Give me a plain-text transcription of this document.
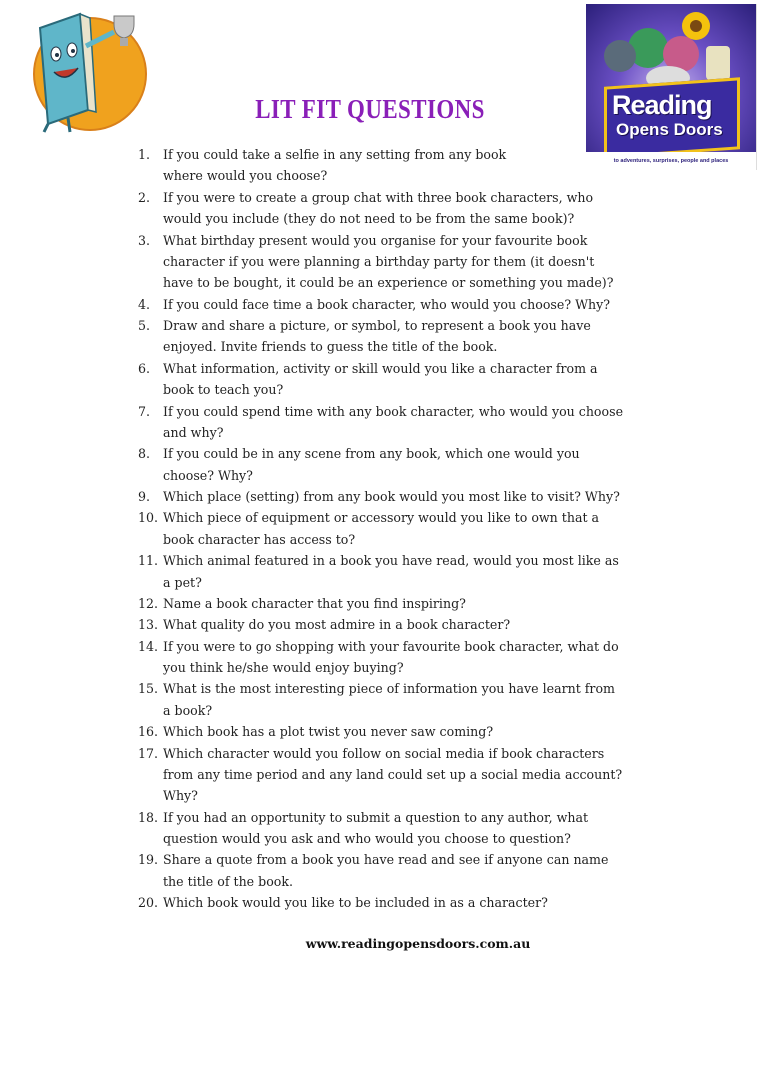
Reading
Opens Doors
to adventures, surprises, people and places
LIT FIT QUESTIONS
1.	If you could take a selfie in any setting from any book
where would you choose?
2.	If you were to create a group chat with three book characters, who
would you include (they do not need to be from the same book)?
3.	What birthday present would you organise for your favourite book
character if you were planning a birthday party for them (it doesn't
have to be bought, it could be an experience or something you made)?
4.	If you could face time a book character, who would you choose? Why?
5.	Draw and share a picture, or symbol, to represent a book you have
enjoyed. Invite friends to guess the title of the book.
6.	What information, activity or skill would you like a character from a
book to teach you?
7.	If you could spend time with any book character, who would you choose
and why?
8.	If you could be in any scene from any book, which one would you
choose? Why?
9.	Which place (setting) from any book would you most like to visit? Why?
10. Which piece of equipment or accessory would you like to own that a
book character has access to?
11. Which animal featured in a book you have read, would you most like as
a pet?
12. Name a book character that you find inspiring?
13. What quality do you most admire in a book character?
14. If you were to go shopping with your favourite book character, what do
you think he/she would enjoy buying?
15. What is the most interesting piece of information you have learnt from
a book?
16. Which book has a plot twist you never saw coming?
17. Which character would you follow on social media if book characters
from any time period and any land could set up a social media account?
Why?
18. If you had an opportunity to submit a question to any author, what
question would you ask and who would you choose to question?
19. Share a quote from a book you have read and see if anyone can name
the title of the book.
20. Which book would you like to be included in as a character?
www.readingopensdoors.com.au
